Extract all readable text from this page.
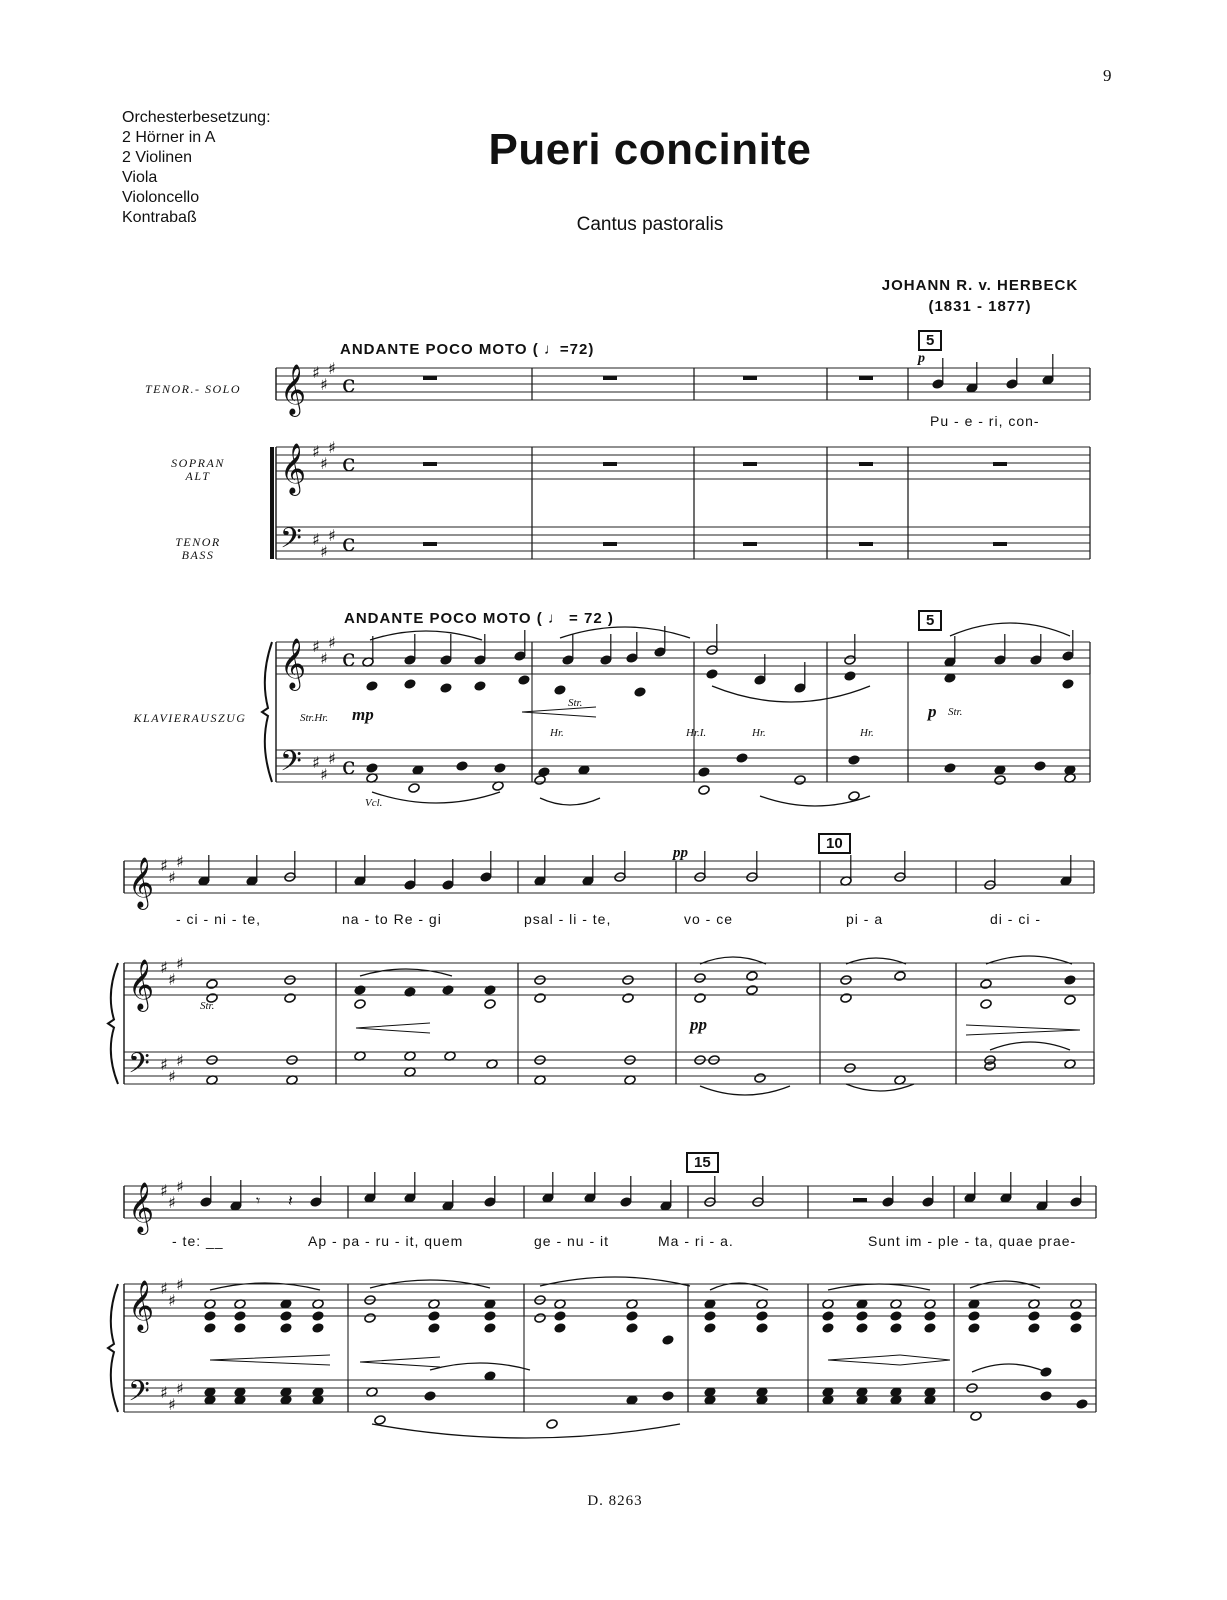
9
Orchesterbesetzung:
2 Hörner in A
2 Violinen
Viola
Violoncello
Kontrabaß
Pueri concinite
Cantus pastoralis
JOHANN R. v. HERBECK
(1831 - 1877)
ANDANTE POCO MOTO ( ♩=72)
ANDANTE POCO MOTO ( ♩ = 72 )
5
5
10
15
TENOR.- SOLO
SOPRAN
ALT
TENOR
BASS
KLAVIERAUSZUG
p
mp	p
pp
pp
Str.Hr.
Str.
Str.
Hr.	Hr.I.	Hr.	Hr.
Vcl.
Str.
Pu - e - ri, con-
- ci - ni - te,	na - to Re - gi	psal - li - te,	vo - ce	pi - a	di - ci -
- te: __	Ap - pa - ru - it, quem	ge - nu - it	Ma - ri - a.	Sunt im - ple - ta, quae prae-
D. 8263
𝄞 ♯
♯
♯
c
𝄞 ♯
♯
♯
c
𝄢 ♯
♯
♯ c
𝄞 ♯
♯
♯
c
𝄢 ♯
♯
♯ c
𝄞 ♯
♯
♯
𝄞 ♯
♯
♯
𝄢 ♯
♯
♯
𝄞 ♯
♯
♯
𝄞 ♯
♯
♯
𝄢 ♯
♯
♯
𝄾 𝄽
